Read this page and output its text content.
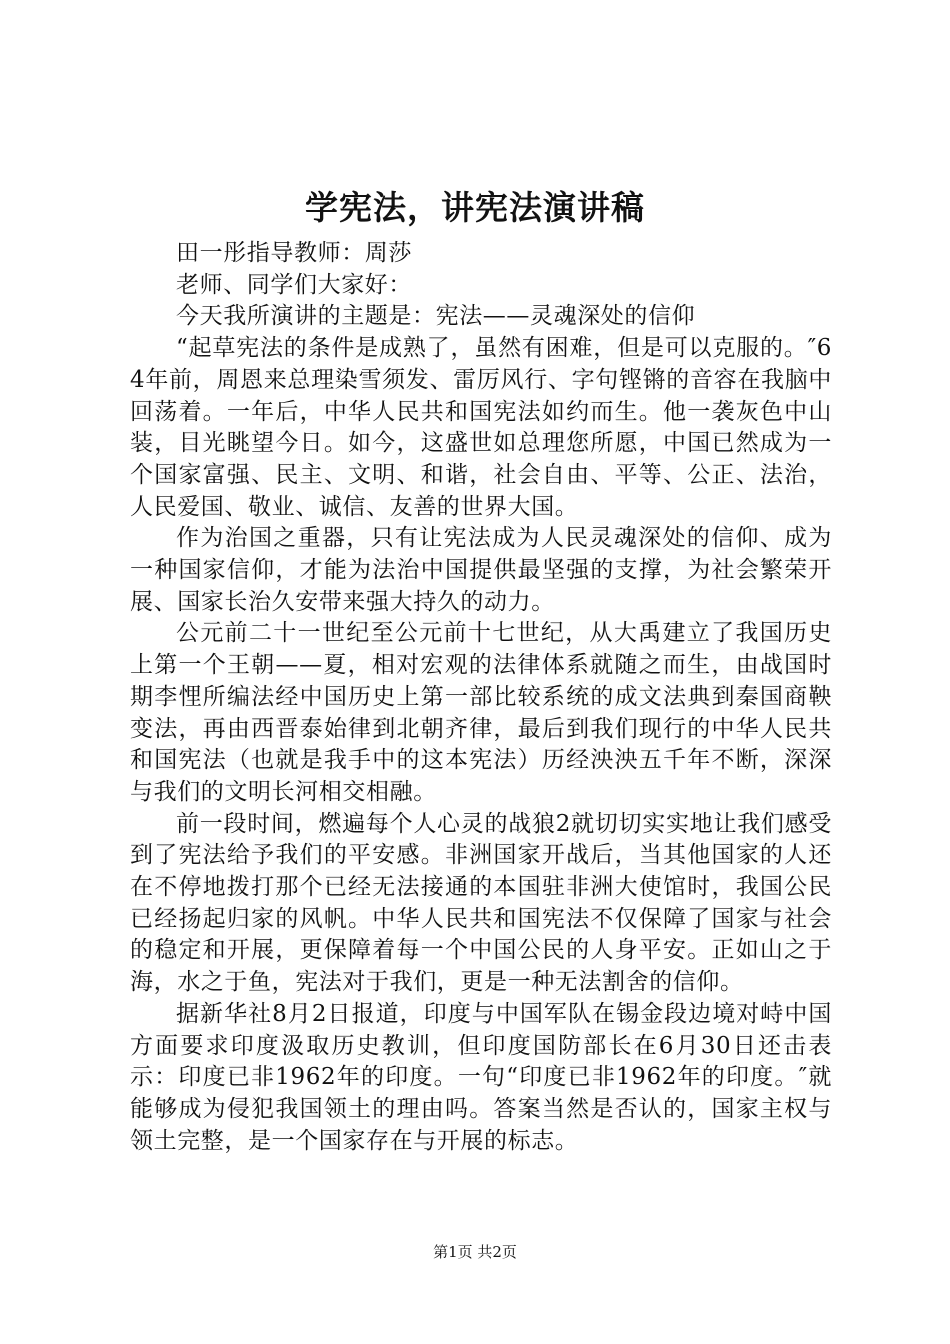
学宪法，讲宪法演讲稿

田一彤指导教师：周莎

老师、同学们大家好：

今天我所演讲的主题是：宪法——灵魂深处的信仰

“起草宪法的条件是成熟了，虽然有困难，但是可以克服的。″64年前，周恩来总理染雪须发、雷厉风行、字句铿锵的音容在我脑中回荡着。一年后，中华人民共和国宪法如约而生。他一袭灰色中山装，目光眺望今日。如今，这盛世如总理您所愿，中国已然成为一个国家富强、民主、文明、和谐，社会自由、平等、公正、法治，人民爱国、敬业、诚信、友善的世界大国。

作为治国之重器，只有让宪法成为人民灵魂深处的信仰、成为一种国家信仰，才能为法治中国提供最坚强的支撑，为社会繁荣开展、国家长治久安带来强大持久的动力。

公元前二十一世纪至公元前十七世纪，从大禹建立了我国历史上第一个王朝——夏，相对宏观的法律体系就随之而生，由战国时期李悝所编法经中国历史上第一部比较系统的成文法典到秦国商鞅变法，再由西晋泰始律到北朝齐律，最后到我们现行的中华人民共和国宪法（也就是我手中的这本宪法）历经泱泱五千年不断，深深与我们的文明长河相交相融。

前一段时间，燃遍每个人心灵的战狼2就切切实实地让我们感受到了宪法给予我们的平安感。非洲国家开战后，当其他国家的人还在不停地拨打那个已经无法接通的本国驻非洲大使馆时，我国公民已经扬起归家的风帆。中华人民共和国宪法不仅保障了国家与社会的稳定和开展，更保障着每一个中国公民的人身平安。正如山之于海，水之于鱼，宪法对于我们，更是一种无法割舍的信仰。

据新华社8月2日报道，印度与中国军队在锡金段边境对峙中国方面要求印度汲取历史教训，但印度国防部长在6月30日还击表示：印度已非1962年的印度。一句“印度已非1962年的印度。″就能够成为侵犯我国领土的理由吗。答案当然是否认的，国家主权与领土完整，是一个国家存在与开展的标志。

第1页 共2页
